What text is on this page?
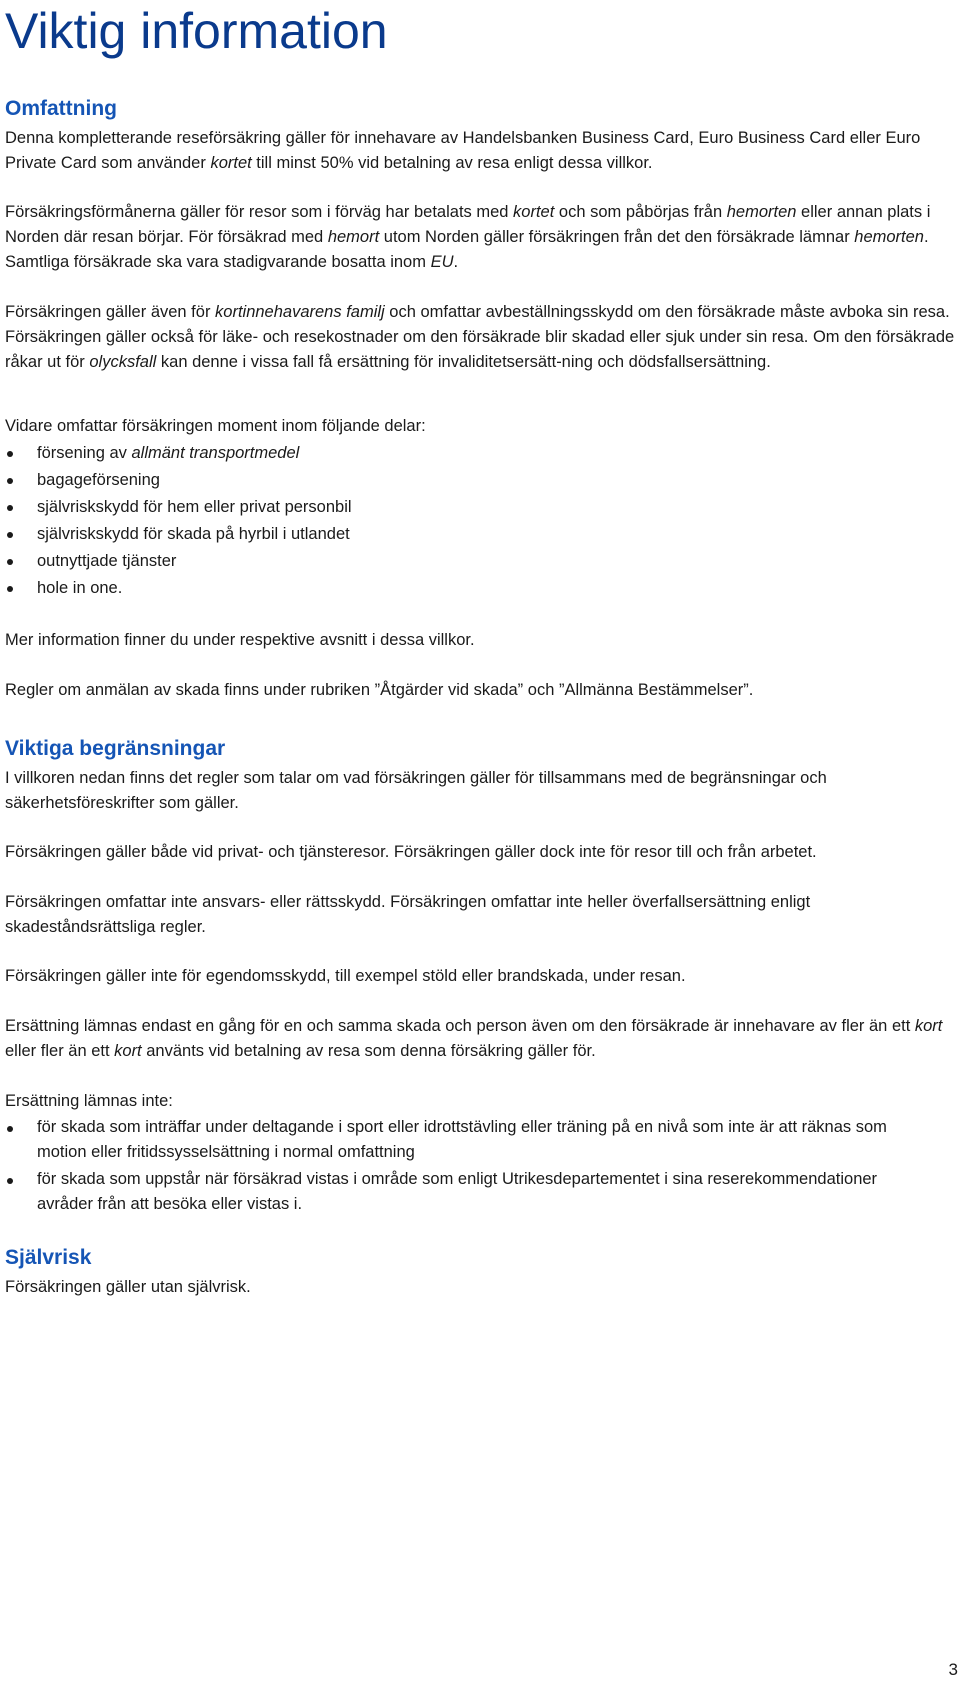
Viktig information
Omfattning

Denna kompletterande reseförsäkring gäller för innehavare av Handelsbanken Business Card, Euro Business Card eller Euro Private Card som använder kortet till minst 50% vid betalning av resa enligt dessa villkor.

Försäkringsförmånerna gäller för resor som i förväg har betalats med kortet och som påbörjas från hemorten eller annan plats i Norden där resan börjar. För försäkrad med hemort utom Norden gäller försäkringen från det den försäkrade lämnar hemorten. Samtliga försäkrade ska vara stadigvarande bosatta inom EU.

Försäkringen gäller även för kortinnehavarens familj och omfattar avbeställningsskydd om den försäkrade måste avboka sin resa. Försäkringen gäller också för läke- och resekostnader om den försäkrade blir skadad eller sjuk under sin resa. Om den försäkrade råkar ut för olycksfall kan denne i vissa fall få ersättning för invaliditetsersätt-ning och dödsfallsersättning.

Vidare omfattar försäkringen moment inom följande delar:

försening av allmänt transportmedel
bagageförsening
självriskskydd för hem eller privat personbil
självriskskydd för skada på hyrbil i utlandet
outnyttjade tjänster
hole in one.

Mer information finner du under respektive avsnitt i dessa villkor.

Regler om anmälan av skada finns under rubriken ”Åtgärder vid skada” och ”Allmänna Bestämmelser”.

Viktiga begränsningar

I villkoren nedan finns det regler som talar om vad försäkringen gäller för tillsammans med de begränsningar och säkerhetsföreskrifter som gäller.

Försäkringen gäller både vid privat- och tjänsteresor. Försäkringen gäller dock inte för resor till och från arbetet.

Försäkringen omfattar inte ansvars- eller rättsskydd. Försäkringen omfattar inte heller överfallsersättning enligt skadeståndsrättsliga regler.

Försäkringen gäller inte för egendomsskydd, till exempel stöld eller brandskada, under resan.

Ersättning lämnas endast en gång för en och samma skada och person även om den försäkrade är innehavare av fler än ett kort eller fler än ett kort använts vid betalning av resa som denna försäkring gäller för.

Ersättning lämnas inte:

för skada som inträffar under deltagande i sport eller idrottstävling eller träning på en nivå som inte är att räknas som motion eller fritidssysselsättning i normal omfattning
för skada som uppstår när försäkrad vistas i område som enligt Utrikesdepartementet i sina reserekommendationer avråder från att besöka eller vistas i.
Självrisk

Försäkringen gäller utan självrisk.

3
